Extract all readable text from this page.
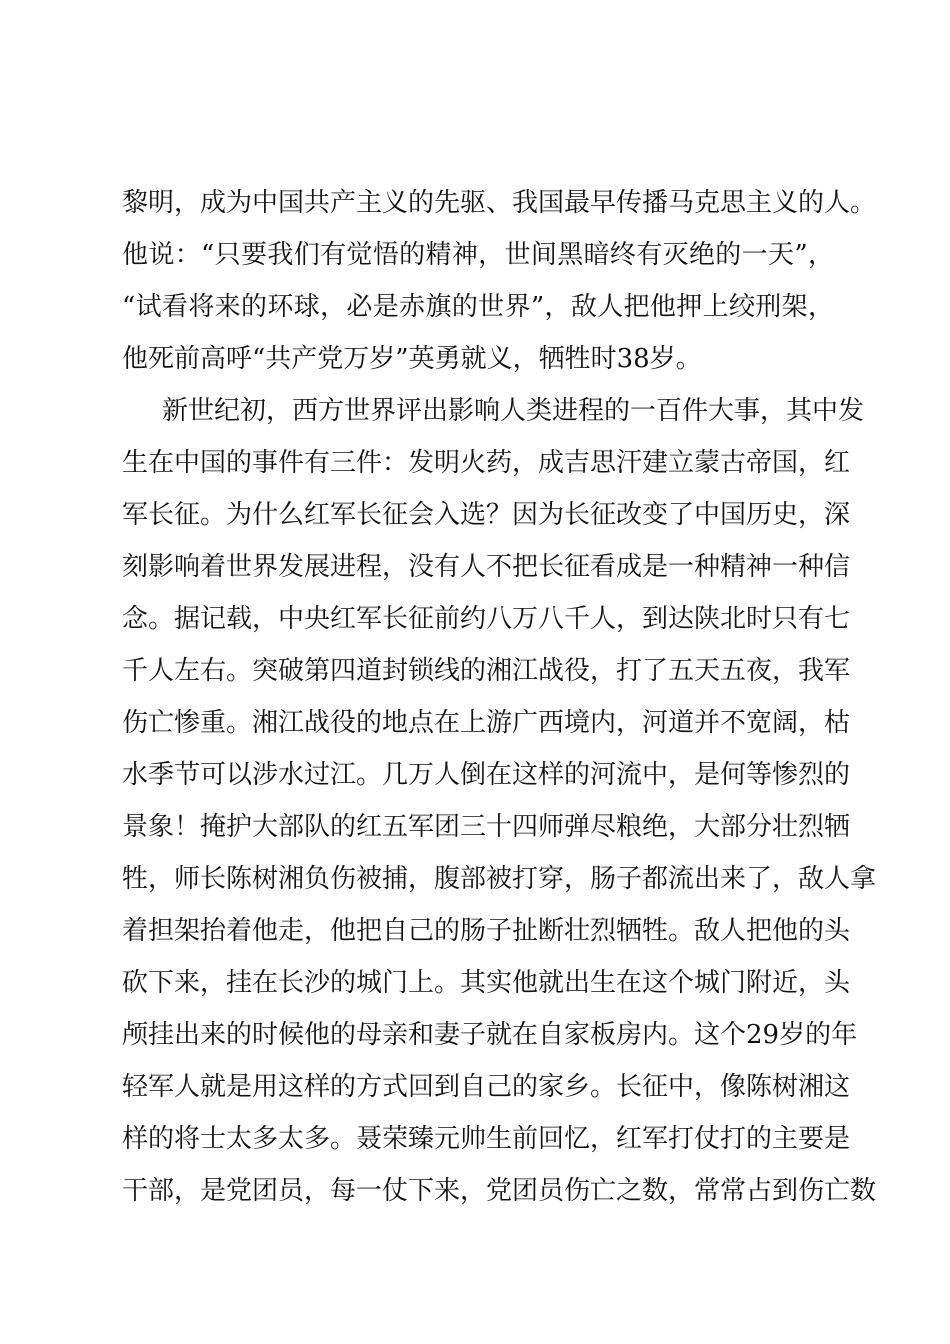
黎明，成为中国共产主义的先驱、我国最早传播马克思主义的人。
他说：“只要我们有觉悟的精神，世间黑暗终有灭绝的一天”，
“试看将来的环球，必是赤旗的世界”，敌人把他押上绞刑架，
他死前高呼“共产党万岁”英勇就义，牺牲时38岁。
新世纪初，西方世界评出影响人类进程的一百件大事，其中发
生在中国的事件有三件：发明火药，成吉思汗建立蒙古帝国，红
军长征。为什么红军长征会入选？因为长征改变了中国历史，深
刻影响着世界发展进程，没有人不把长征看成是一种精神一种信
念。据记载，中央红军长征前约八万八千人，到达陕北时只有七
千人左右。突破第四道封锁线的湘江战役，打了五天五夜，我军
伤亡惨重。湘江战役的地点在上游广西境内，河道并不宽阔，枯
水季节可以涉水过江。几万人倒在这样的河流中，是何等惨烈的
景象！掩护大部队的红五军团三十四师弹尽粮绝，大部分壮烈牺
牲，师长陈树湘负伤被捕，腹部被打穿，肠子都流出来了，敌人拿
着担架抬着他走，他把自己的肠子扯断壮烈牺牲。敌人把他的头
砍下来，挂在长沙的城门上。其实他就出生在这个城门附近，头
颅挂出来的时候他的母亲和妻子就在自家板房内。这个29岁的年
轻军人就是用这样的方式回到自己的家乡。长征中，像陈树湘这
样的将士太多太多。聂荣臻元帅生前回忆，红军打仗打的主要是
干部，是党团员，每一仗下来，党团员伤亡之数，常常占到伤亡数
